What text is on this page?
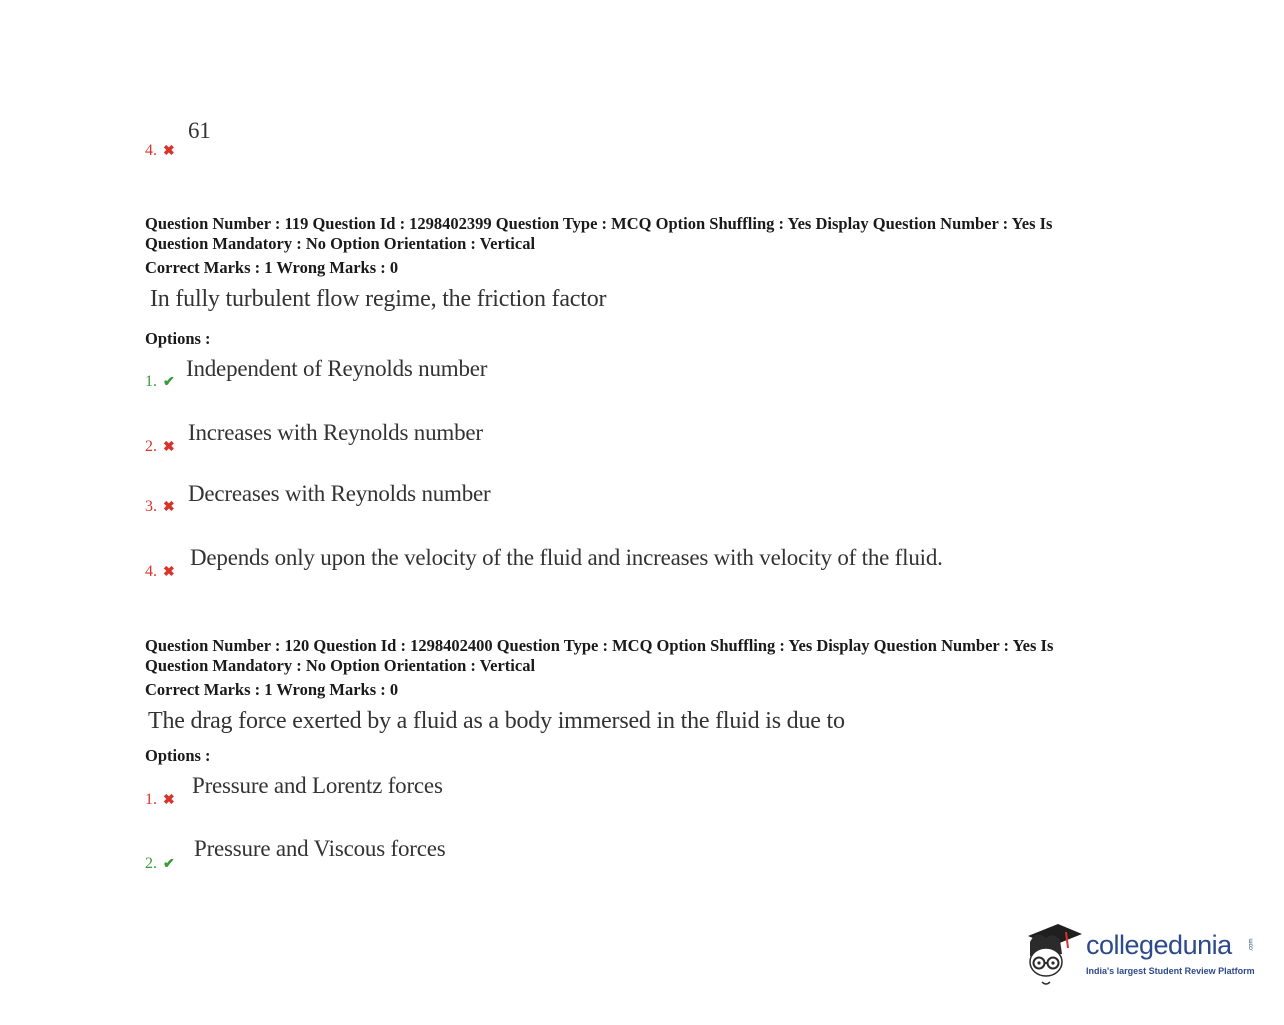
4. ✖
61
Question Number : 119 Question Id : 1298402399 Question Type : MCQ Option Shuffling : Yes Display Question Number : Yes Is
Question Mandatory : No Option Orientation : Vertical
Correct Marks : 1 Wrong Marks : 0
In fully turbulent flow regime, the friction factor
Options :
1. ✔
Independent of Reynolds number
2. ✖
Increases with Reynolds number
3. ✖
Decreases with Reynolds number
4. ✖
Depends only upon the velocity of the fluid and increases with velocity of the fluid.
Question Number : 120 Question Id : 1298402400 Question Type : MCQ Option Shuffling : Yes Display Question Number : Yes Is
Question Mandatory : No Option Orientation : Vertical
Correct Marks : 1 Wrong Marks : 0
The drag force exerted by a fluid as a body immersed in the fluid is due to
Options :
1. ✖
Pressure and Lorentz forces
2. ✔
Pressure and Viscous forces
collegedunia	.com
India's largest Student Review Platform
